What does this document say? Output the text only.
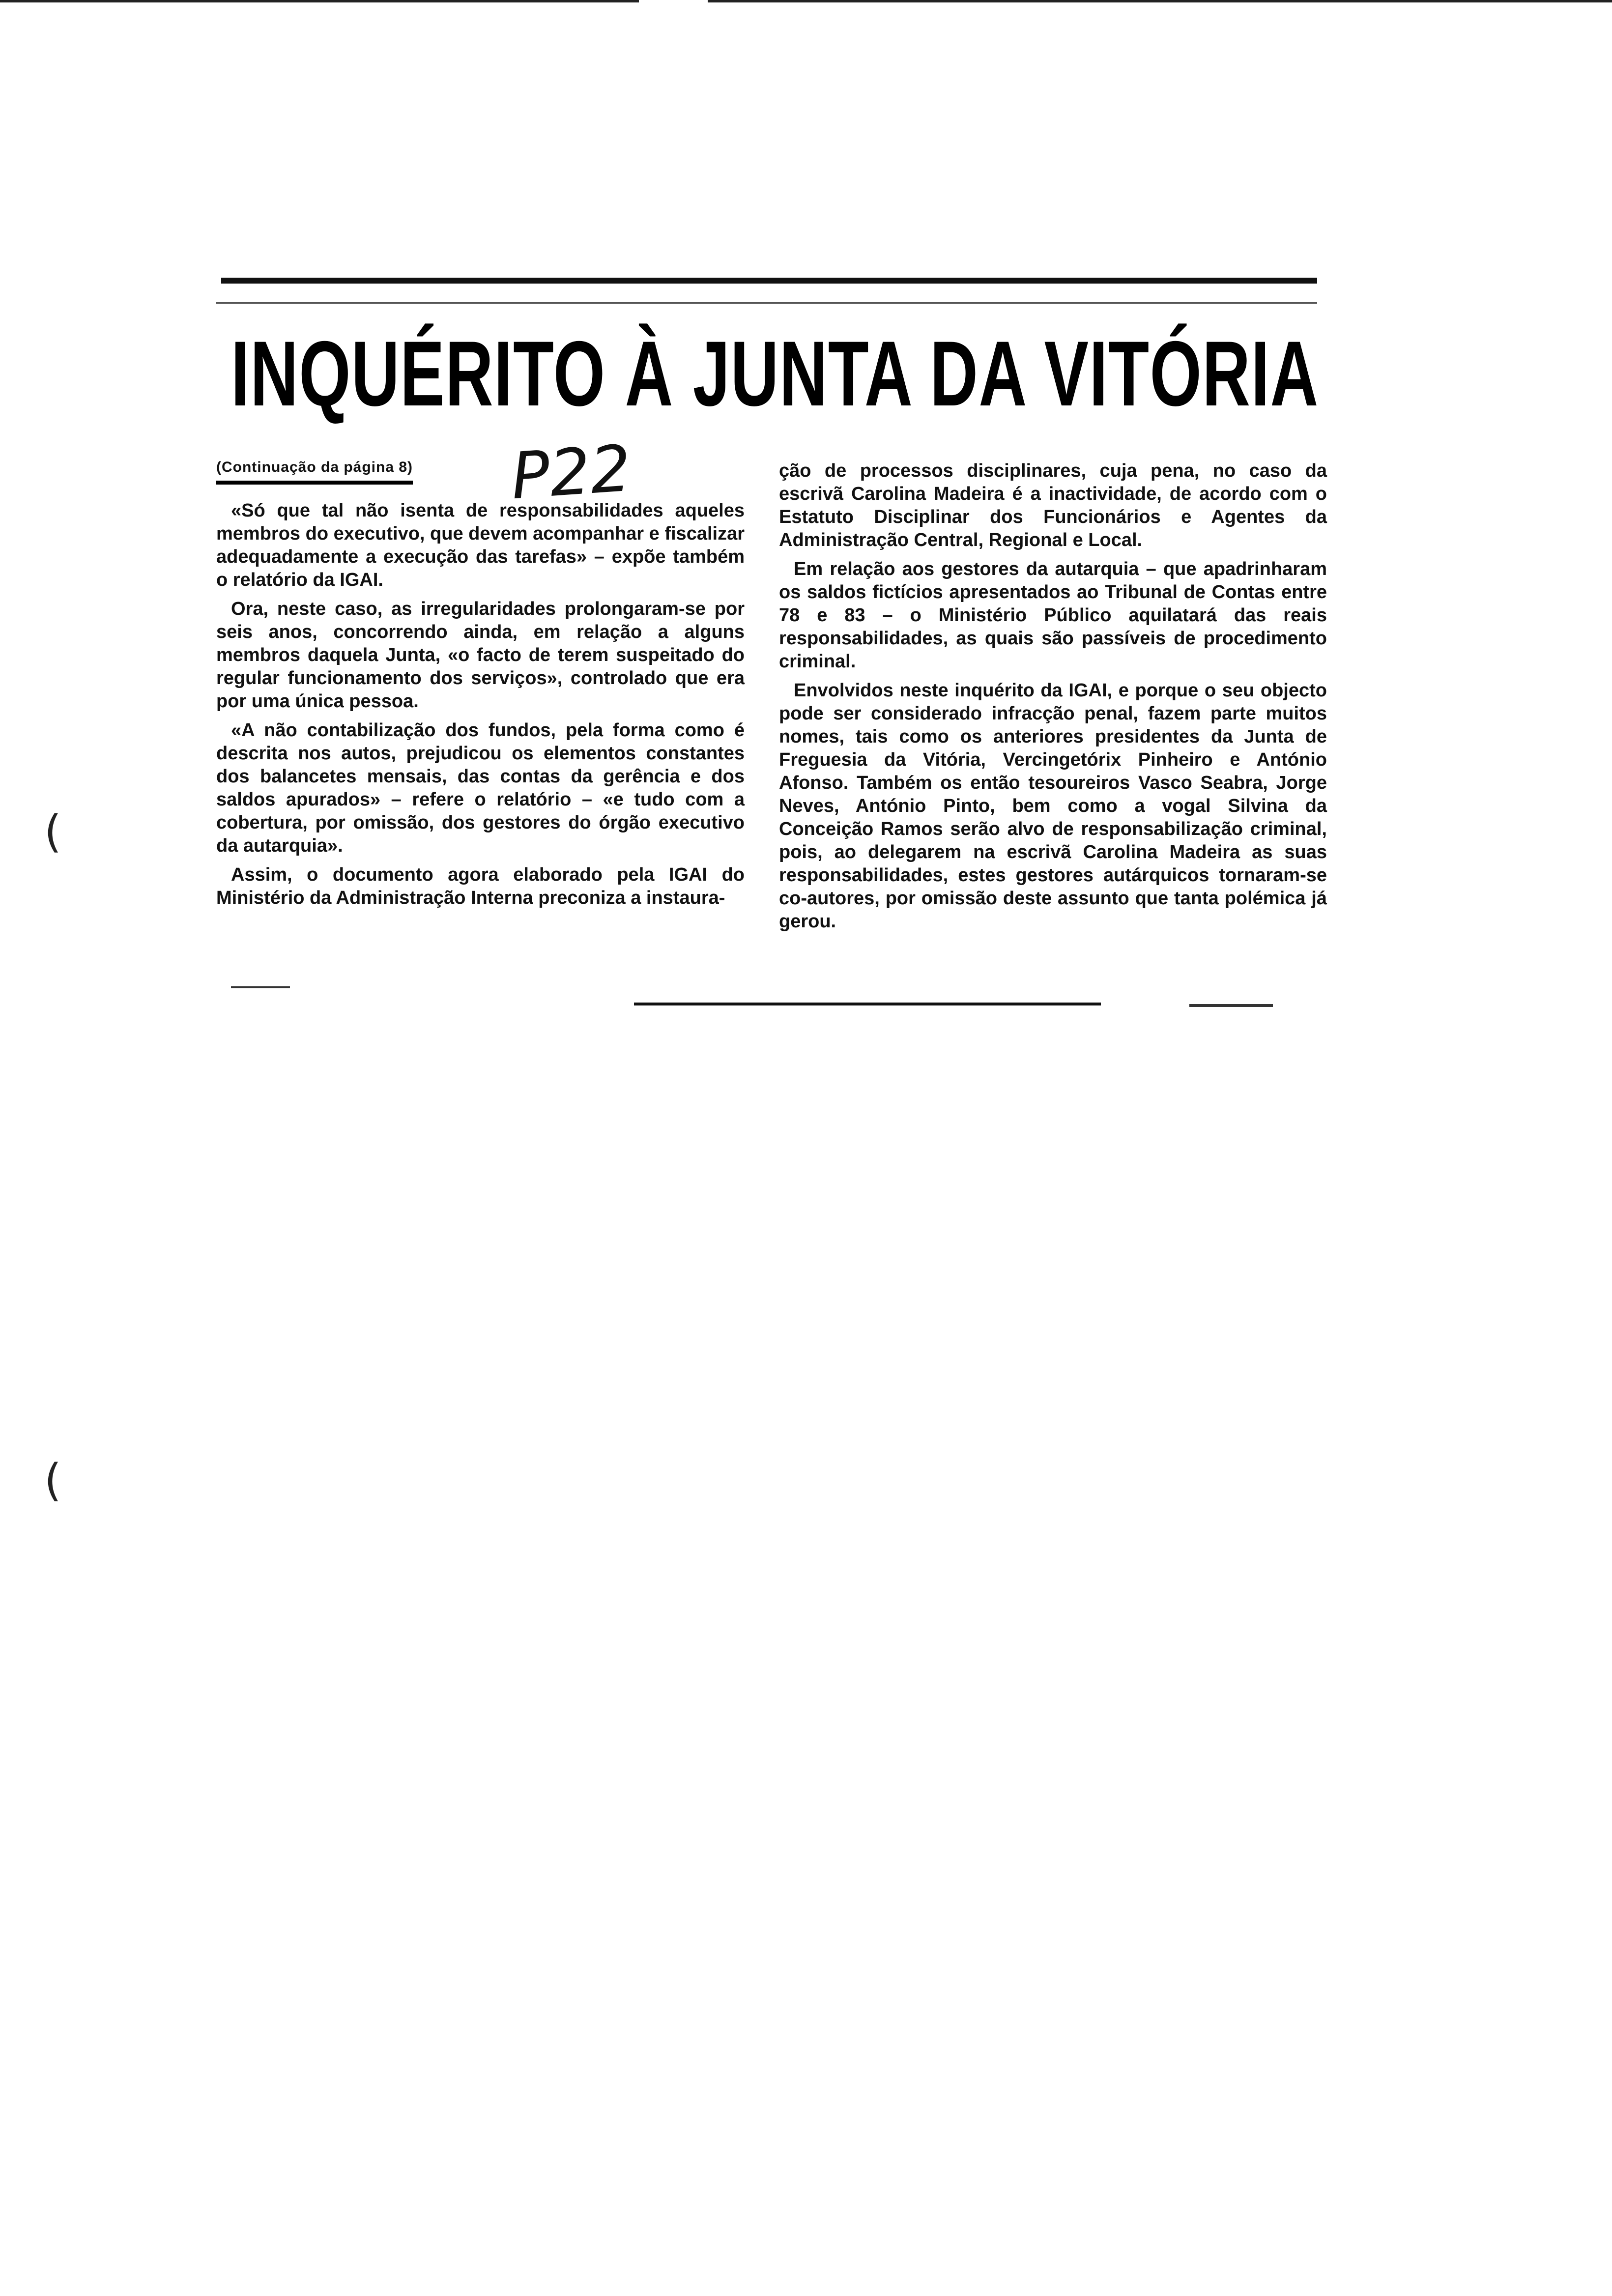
(
(
INQUÉRITO À JUNTA DA VITÓRIA
P22
(Continuação da página 8)

«Só que tal não isenta de responsabilidades aqueles membros do executivo, que devem acompanhar e fiscalizar adequadamente a execução das tarefas» – expõe também o relatório da IGAI.

Ora, neste caso, as irregularidades prolongaram-se por seis anos, concorrendo ainda, em relação a alguns membros daquela Junta, «o facto de terem suspeitado do regular funcionamento dos serviços», controlado que era por uma única pessoa.

«A não contabilização dos fundos, pela forma como é descrita nos autos, prejudicou os elementos constantes dos balancetes mensais, das contas da gerência e dos saldos apurados» – refere o relatório – «e tudo com a cobertura, por omissão, dos gestores do órgão executivo da autarquia».

Assim, o documento agora elaborado pela IGAI do Ministério da Administração Interna preconiza a instaura-

ção de processos disciplinares, cuja pena, no caso da escrivã Carolina Madeira é a inactividade, de acordo com o Estatuto Disciplinar dos Funcionários e Agentes da Administração Central, Regional e Local.

Em relação aos gestores da autarquia – que apadrinharam os saldos fictícios apresentados ao Tribunal de Contas entre 78 e 83 – o Ministério Público aquilatará das reais responsabilidades, as quais são passíveis de procedimento criminal.

Envolvidos neste inquérito da IGAI, e porque o seu objecto pode ser considerado infracção penal, fazem parte muitos nomes, tais como os anteriores presidentes da Junta de Freguesia da Vitória, Vercingetórix Pinheiro e António Afonso. Também os então tesoureiros Vasco Seabra, Jorge Neves, António Pinto, bem como a vogal Silvina da Conceição Ramos serão alvo de responsabilização criminal, pois, ao delegarem na escrivã Carolina Madeira as suas responsabilidades, estes gestores autárquicos tornaram-se co-autores, por omissão deste assunto que tanta polémica já gerou.
